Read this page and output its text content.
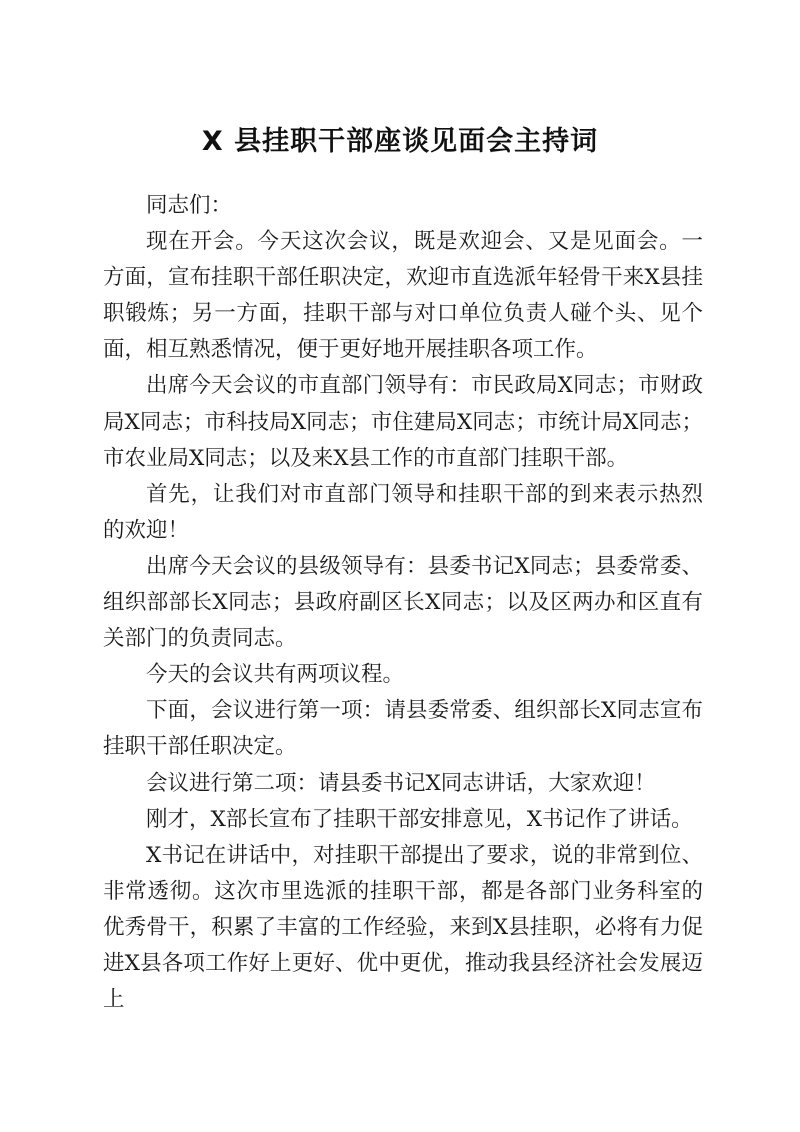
X 县挂职干部座谈见面会主持词

同志们：

现在开会。今天这次会议，既是欢迎会、又是见面会。一方面，宣布挂职干部任职决定，欢迎市直选派年轻骨干来X县挂职锻炼；另一方面，挂职干部与对口单位负责人碰个头、见个面，相互熟悉情况，便于更好地开展挂职各项工作。

出席今天会议的市直部门领导有：市民政局X同志；市财政局X同志；市科技局X同志；市住建局X同志；市统计局X同志；市农业局X同志；以及来X县工作的市直部门挂职干部。

首先，让我们对市直部门领导和挂职干部的到来表示热烈的欢迎！

出席今天会议的县级领导有：县委书记X同志；县委常委、组织部部长X同志；县政府副区长X同志；以及区两办和区直有关部门的负责同志。

今天的会议共有两项议程。

下面，会议进行第一项：请县委常委、组织部长X同志宣布挂职干部任职决定。

会议进行第二项：请县委书记X同志讲话，大家欢迎！

刚才，X部长宣布了挂职干部安排意见，X书记作了讲话。

X书记在讲话中，对挂职干部提出了要求，说的非常到位、非常透彻。这次市里选派的挂职干部，都是各部门业务科室的优秀骨干，积累了丰富的工作经验，来到X县挂职，必将有力促进X县各项工作好上更好、优中更优，推动我县经济社会发展迈上
